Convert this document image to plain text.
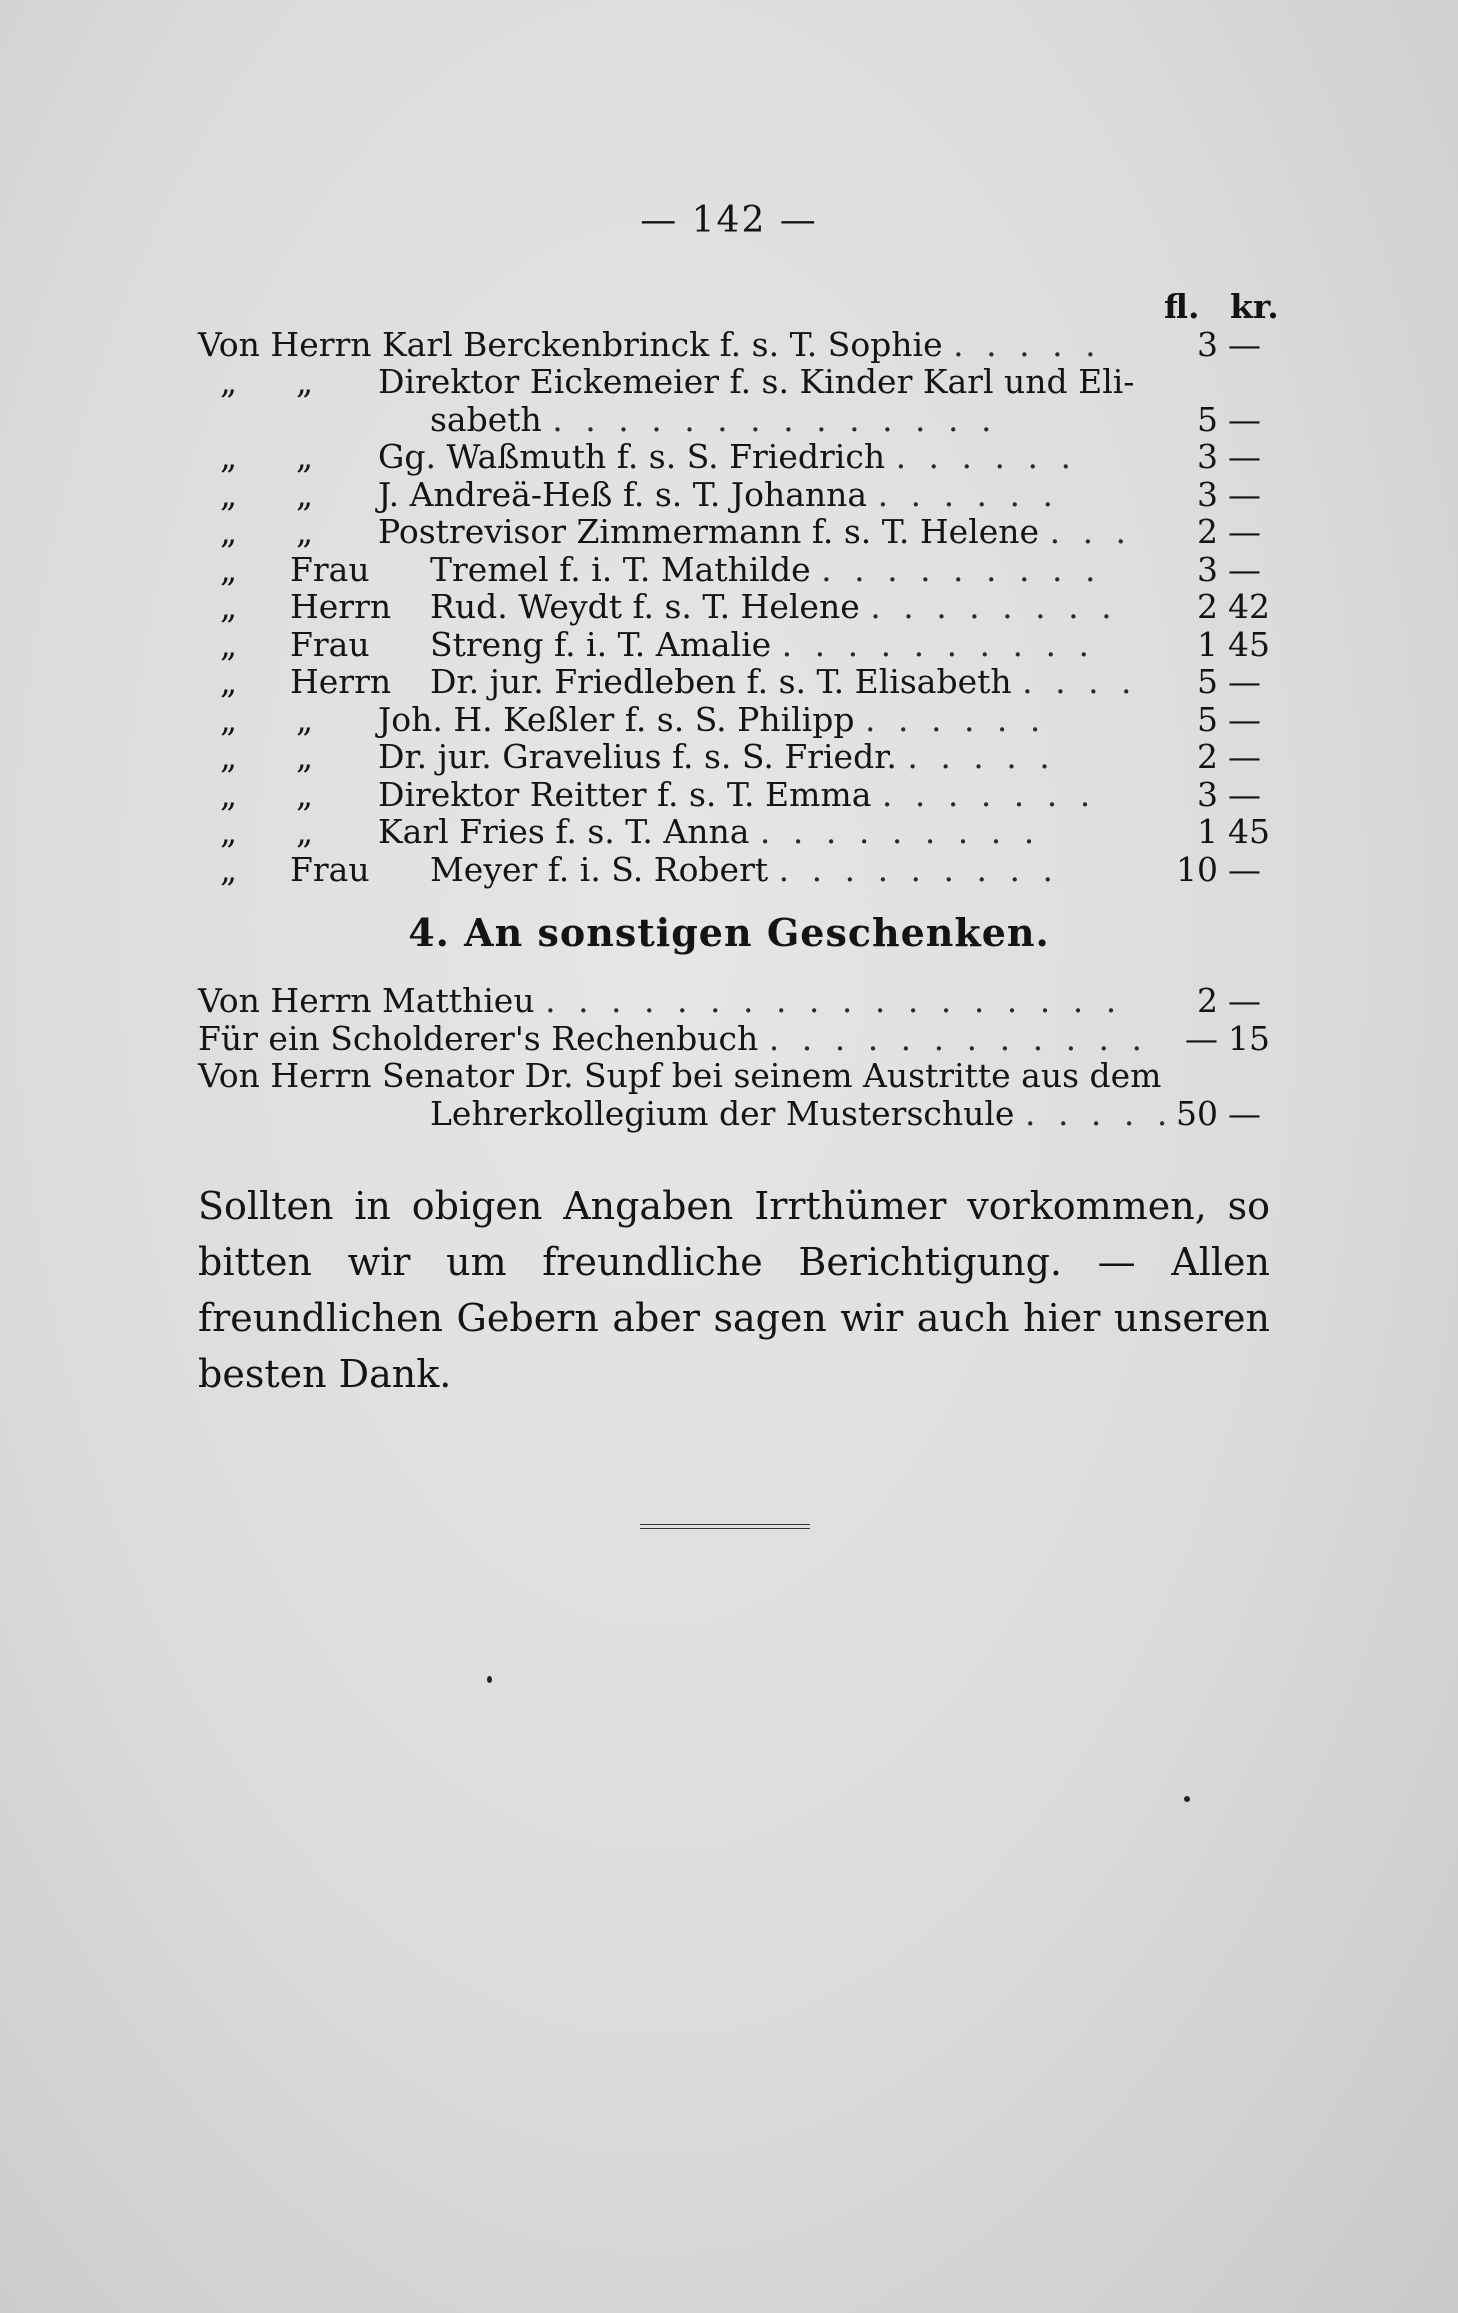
— 142 —
fl. kr.
Von Herrn Karl Berckenbrinck f. s. T. Sophie . . . . .	3 —
„ „ Direktor Eickemeier f. s. Kinder Karl und Eli-
sabeth . . . . . . . . . . . . . .	5 —
„ „ Gg. Waßmuth f. s. S. Friedrich . . . . . .	3 —
„ „ J. Andreä-Heß f. s. T. Johanna . . . . . .	3 —
„ „ Postrevisor Zimmermann f. s. T. Helene . . .	2 —
„ Frau Tremel f. i. T. Mathilde . . . . . . . . .	3 —
„ Herrn Rud. Weydt f. s. T. Helene . . . . . . . .	2 42
„ Frau Streng f. i. T. Amalie . . . . . . . . . .	1 45
„ Herrn Dr. jur. Friedleben f. s. T. Elisabeth . . . .	5 —
„ „ Joh. H. Keßler f. s. S. Philipp . . . . . .	5 —
„ „ Dr. jur. Gravelius f. s. S. Friedr. . . . . .	2 —
„ „ Direktor Reitter f. s. T. Emma . . . . . . .	3 —
„ „ Karl Fries f. s. T. Anna . . . . . . . . .	1 45
„ Frau Meyer f. i. S. Robert . . . . . . . . .	10 —
4. An sonstigen Geschenken.
Von Herrn Matthieu . . . . . . . . . . . . . . . . . .	2 —
Für ein Scholderer's Rechenbuch . . . . . . . . . . . .	— 15
Von Herrn Senator Dr. Supf bei seinem Austritte aus dem
Lehrerkollegium der Musterschule . . . . . 50 —
Sollten in obigen Angaben Irrthümer vorkommen, so bitten wir um freundliche Berichtigung. — Allen freundlichen Gebern aber sagen wir auch hier unseren besten Dank.
